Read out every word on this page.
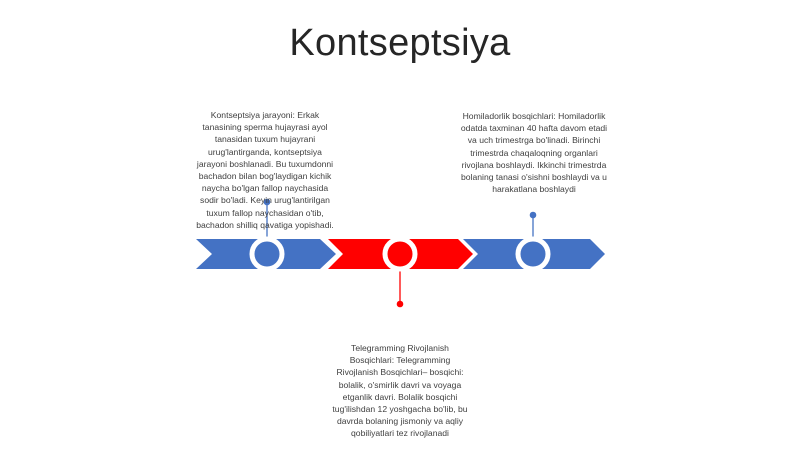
Kontseptsiya
Kontseptsiya jarayoni: Erkak tanasining sperma hujayrasi ayol tanasidan tuxum hujayrani urug'lantirganda, kontseptsiya jarayoni boshlanadi. Bu tuxumdonni bachadon bilan bog'laydigan kichik naycha bo'lgan fallop naychasida sodir bo'ladi. Keyin urug'lantirilgan tuxum fallop naychasidan o'tib, bachadon shilliq qavatiga yopishadi.
Homiladorlik bosqichlari: Homiladorlik odatda taxminan 40 hafta davom etadi va uch trimestrga bo'linadi. Birinchi trimestrda chaqaloqning organlari rivojlana boshlaydi. Ikkinchi trimestrda bolaning tanasi o'sishni boshlaydi va u harakatlana boshlaydi
Telegramming Rivojlanish Bosqichlari: Telegramming Rivojlanish Bosqichlari– bosqichi: bolalik, o'smirlik davri va voyaga etganlik davri. Bolalik bosqichi tug'ilishdan 12 yoshgacha bo'lib, bu davrda bolaning jismoniy va aqliy qobiliyatlari tez rivojlanadi
